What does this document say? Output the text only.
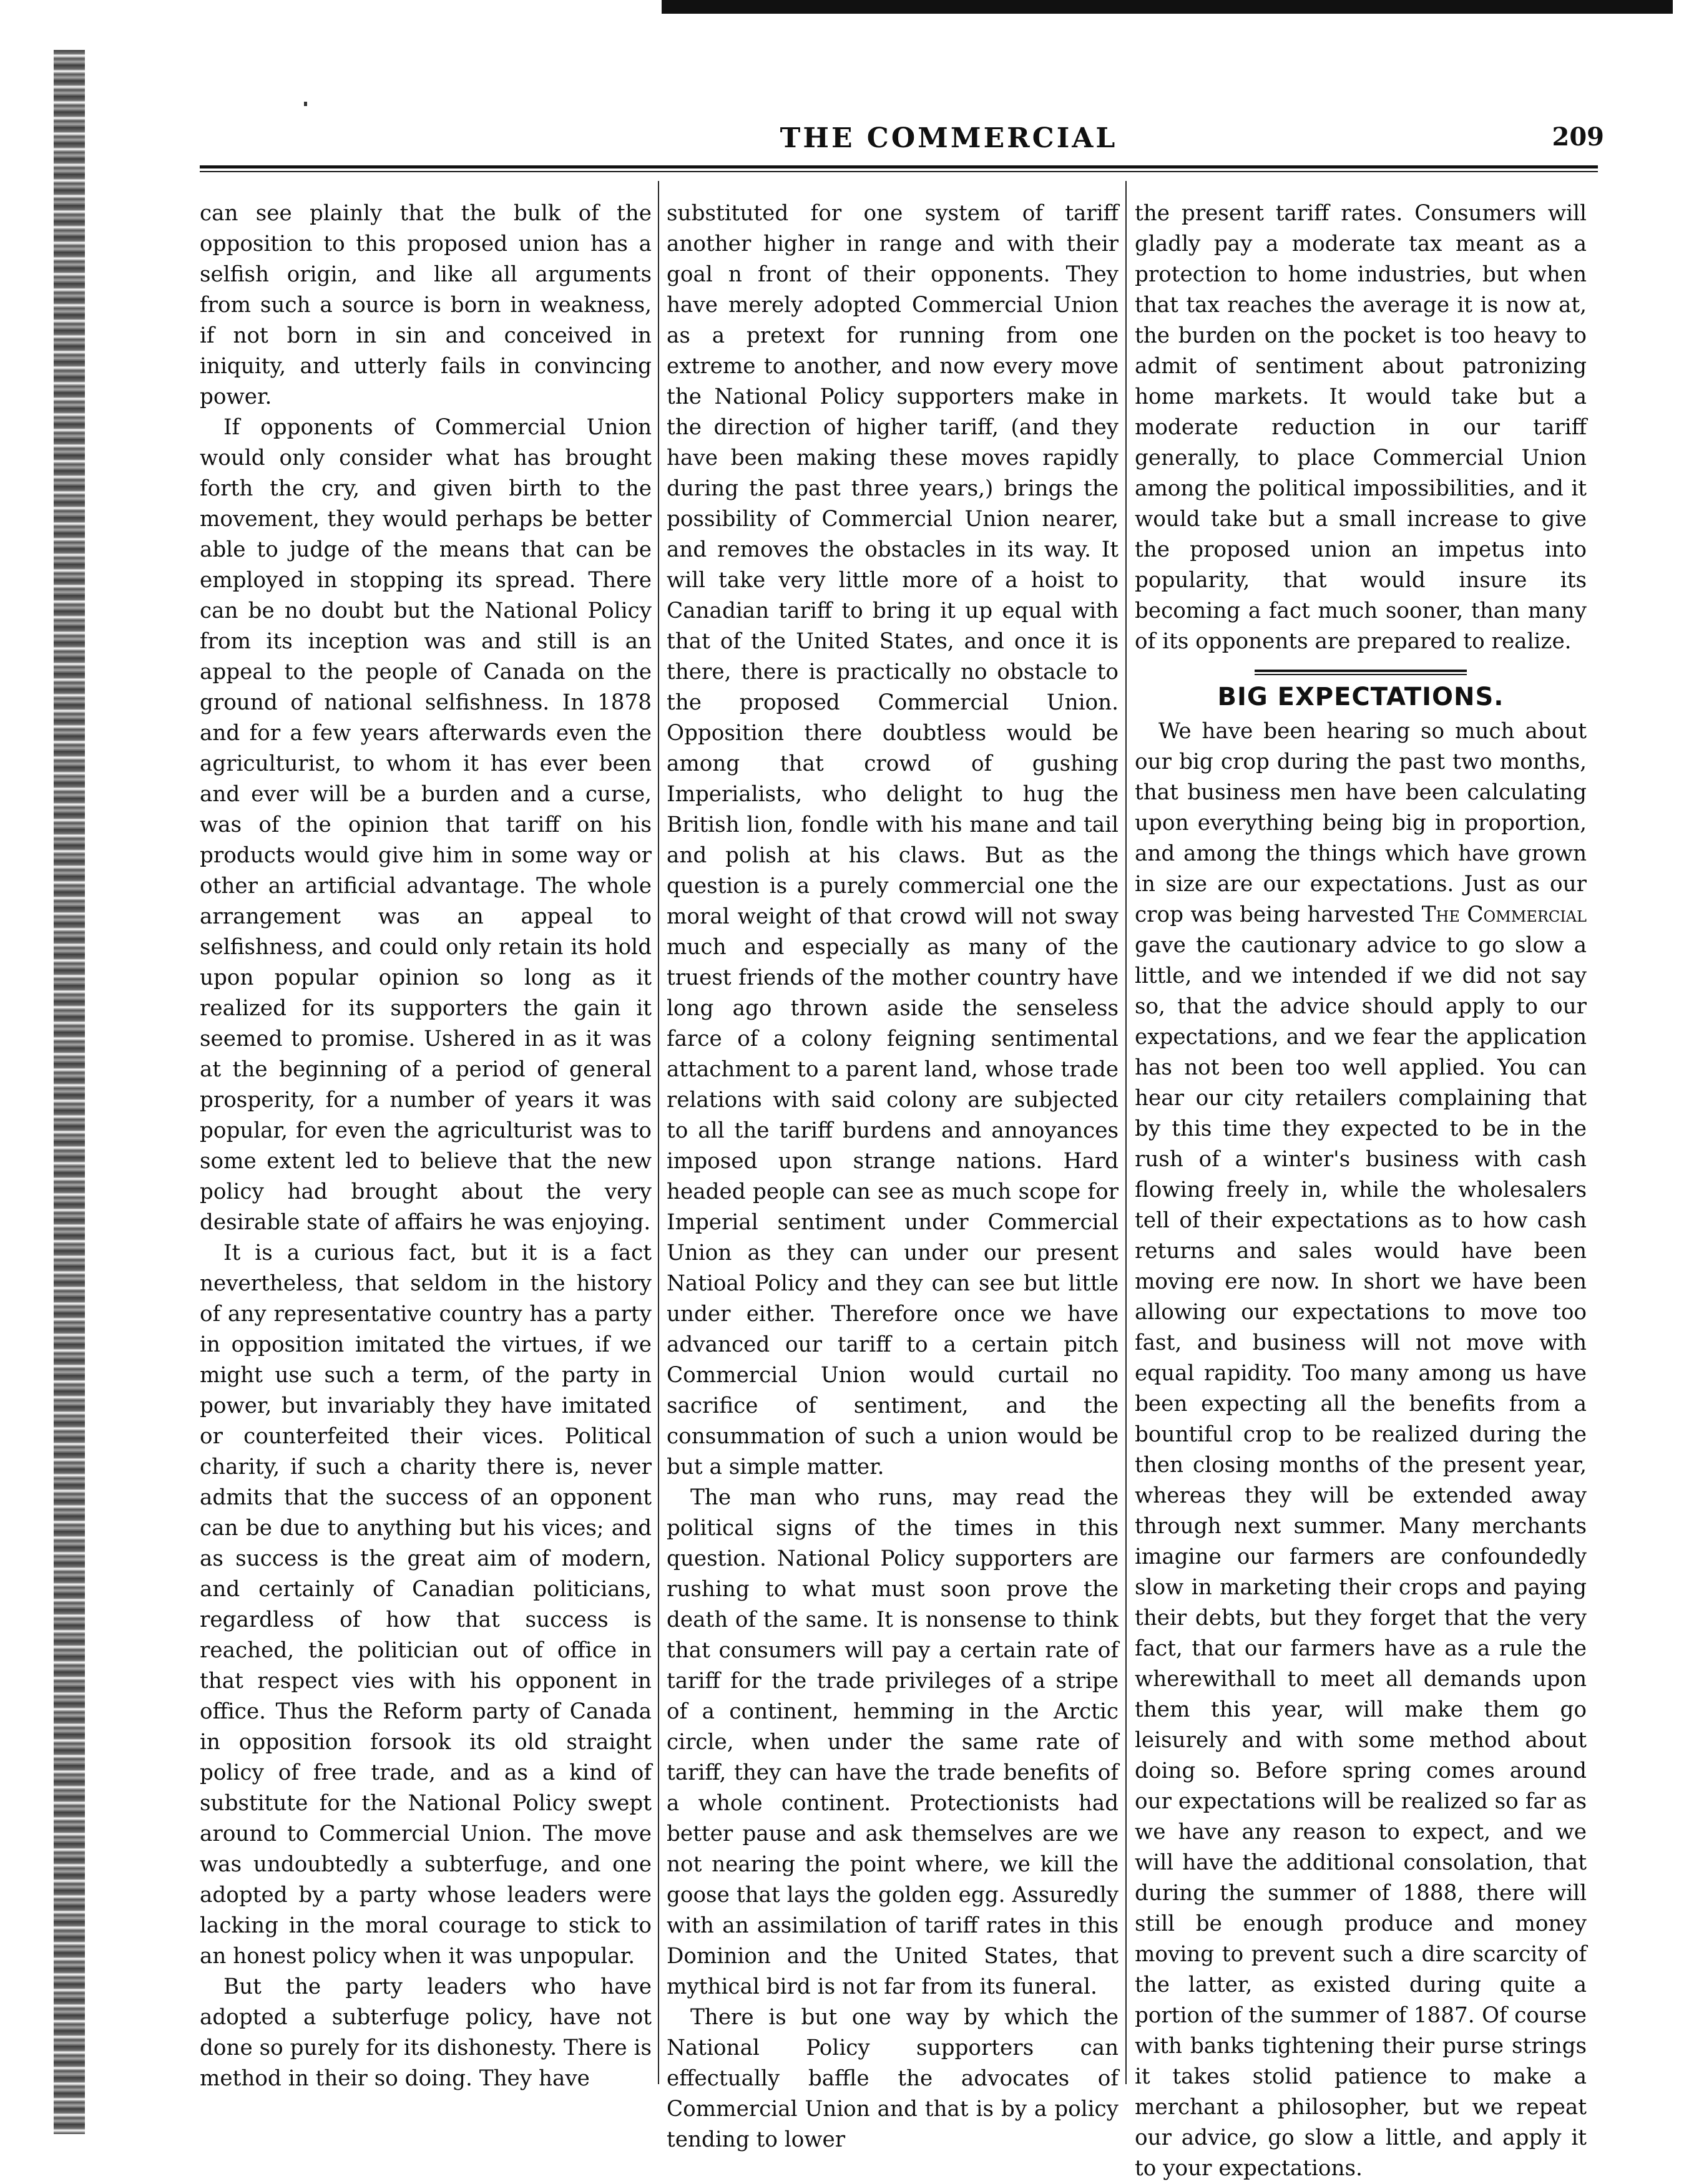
THE COMMERCIAL	209

can see plainly that the bulk of the opposition to this proposed union has a selfish origin, and like all arguments from such a source is born in weakness, if not born in sin and conceived in iniquity, and utterly fails in convincing power.

If opponents of Commercial Union would only consider what has brought forth the cry, and given birth to the movement, they would perhaps be better able to judge of the means that can be employed in stopping its spread. There can be no doubt but the National Policy from its inception was and still is an appeal to the people of Canada on the ground of national selfishness. In 1878 and for a few years afterwards even the agriculturist, to whom it has ever been and ever will be a burden and a curse, was of the opinion that tariff on his products would give him in some way or other an artificial advantage. The whole arrangement was an appeal to selfishness, and could only retain its hold upon popular opinion so long as it realized for its supporters the gain it seemed to promise. Ushered in as it was at the beginning of a period of general prosperity, for a number of years it was popular, for even the agriculturist was to some extent led to believe that the new policy had brought about the very desirable state of affairs he was enjoying.

It is a curious fact, but it is a fact nevertheless, that seldom in the history of any representative country has a party in opposition imitated the virtues, if we might use such a term, of the party in power, but invariably they have imitated or counterfeited their vices. Political charity, if such a charity there is, never admits that the success of an opponent can be due to anything but his vices; and as success is the great aim of modern, and certainly of Canadian politicians, regardless of how that success is reached, the politician out of office in that respect vies with his opponent in office. Thus the Reform party of Canada in opposition forsook its old straight policy of free trade, and as a kind of substitute for the National Policy swept around to Commercial Union. The move was undoubtedly a subterfuge, and one adopted by a party whose leaders were lacking in the moral courage to stick to an honest policy when it was unpopular.

But the party leaders who have adopted a subterfuge policy, have not done so purely for its dishonesty. There is method in their so doing. They have

substituted for one system of tariff another higher in range and with their goal n front of their opponents. They have merely adopted Commercial Union as a pretext for running from one extreme to another, and now every move the National Policy supporters make in the direction of higher tariff, (and they have been making these moves rapidly during the past three years,) brings the possibility of Commercial Union nearer, and removes the obstacles in its way. It will take very little more of a hoist to Canadian tariff to bring it up equal with that of the United States, and once it is there, there is practically no obstacle to the proposed Commercial Union. Opposition there doubtless would be among that crowd of gushing Imperialists, who delight to hug the British lion, fondle with his mane and tail and polish at his claws. But as the question is a purely commercial one the moral weight of that crowd will not sway much and especially as many of the truest friends of the mother country have long ago thrown aside the senseless farce of a colony feigning sentimental attachment to a parent land, whose trade relations with said colony are subjected to all the tariff burdens and annoyances imposed upon strange nations. Hard headed people can see as much scope for Imperial sentiment under Commercial Union as they can under our present Natioal Policy and they can see but little under either. Therefore once we have advanced our tariff to a certain pitch Commercial Union would curtail no sacrifice of sentiment, and the consummation of such a union would be but a simple matter.

The man who runs, may read the political signs of the times in this question. National Policy supporters are rushing to what must soon prove the death of the same. It is nonsense to think that consumers will pay a certain rate of tariff for the trade privileges of a stripe of a continent, hemming in the Arctic circle, when under the same rate of tariff, they can have the trade benefits of a whole continent. Protectionists had better pause and ask themselves are we not nearing the point where, we kill the goose that lays the golden egg. Assuredly with an assimilation of tariff rates in this Dominion and the United States, that mythical bird is not far from its funeral.

There is but one way by which the National Policy supporters can effectually baffle the advocates of Commercial Union and that is by a policy tending to lower

the present tariff rates. Consumers will gladly pay a moderate tax meant as a protection to home industries, but when that tax reaches the average it is now at, the burden on the pocket is too heavy to admit of sentiment about patronizing home markets. It would take but a moderate reduction in our tariff generally, to place Commercial Union among the political impossibilities, and it would take but a small increase to give the proposed union an impetus into popularity, that would insure its becoming a fact much sooner, than many of its opponents are prepared to realize.

BIG EXPECTATIONS.

We have been hearing so much about our big crop during the past two months, that business men have been calculating upon everything being big in proportion, and among the things which have grown in size are our expectations. Just as our crop was being harvested The Commercial gave the cautionary advice to go slow a little, and we intended if we did not say so, that the advice should apply to our expectations, and we fear the application has not been too well applied. You can hear our city retailers complaining that by this time they expected to be in the rush of a winter's business with cash flowing freely in, while the wholesalers tell of their expectations as to how cash returns and sales would have been moving ere now. In short we have been allowing our expectations to move too fast, and business will not move with equal rapidity. Too many among us have been expecting all the benefits from a bountiful crop to be realized during the then closing months of the present year, whereas they will be extended away through next summer. Many merchants imagine our farmers are confoundedly slow in marketing their crops and paying their debts, but they forget that the very fact, that our farmers have as a rule the wherewithall to meet all demands upon them this year, will make them go leisurely and with some method about doing so. Before spring comes around our expectations will be realized so far as we have any reason to expect, and we will have the additional consolation, that during the summer of 1888, there will still be enough produce and money moving to prevent such a dire scarcity of the latter, as existed during quite a portion of the summer of 1887. Of course with banks tightening their purse strings it takes stolid patience to make a merchant a philosopher, but we repeat our advice, go slow a little, and apply it to your expectations.
